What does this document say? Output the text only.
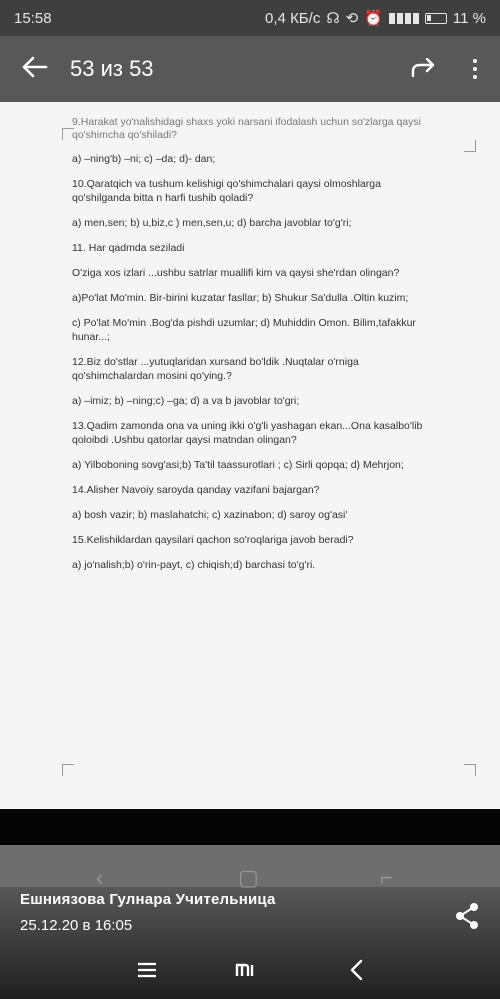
15:58	0,4 КБ/с ☊ ⟲ ⏰	11 %
53 из 53
9.Harakat yo'nalishidagi shaxs yoki narsani ifodalash uchun so'zlarga qaysi
qo'shimcha qo'shiladi?
a) –ning'b) –ni; c) –da; d)- dan;
10.Qaratqich va tushum kelishigi qo'shimchalari qaysi olmoshlarga qo'shilganda bitta n harfi tushib qoladi?
a) men,sen; b) u,biz,c ) men,sen,u; d) barcha javoblar to'g'ri;
11. Har qadmda seziladi
O'ziga xos izlari ...ushbu satrlar muallifi kim va qaysi she'rdan olingan?
a)Po'lat Mo'min. Bir-birini kuzatar fasllar; b) Shukur Sa'dulla .Oltin kuzim;
c) Po'lat Mo'min .Bog'da pishdi uzumlar; d) Muhiddin Omon. Bilim,tafakkur hunar...;
12.Biz do'stlar ...yutuqlaridan xursand bo'ldik .Nuqtalar o'rniga qo'shimchalardan mosini qo'ying.?
a) –imiz; b) –ning;c) –ga; d) a va b javoblar to'gri;
13.Qadim zamonda ona va uning ikki o'g'li yashagan ekan...Ona kasalbo'lib qoloibdi .Ushbu qatorlar qaysi matndan olingan?
a) Yilboboning sovg'asi;b) Ta'til taassurotlari ; c) Sirli qopqa; d) Mehrjon;
14.Alisher Navoiy saroyda qanday vazifani bajargan?
a) bosh vazir; b) maslahatchi; c) xazinabon; d) saroy og'asi'
15.Kelishiklardan qaysilari qachon so'roqlariga javob beradi?
a) jo'nalish;b) o'rin-payt, c) chiqish;d) barchasi to'g'ri.
‹	▢	⌐
Ешниязова Гулнара Учительница
25.12.20 в 16:05
